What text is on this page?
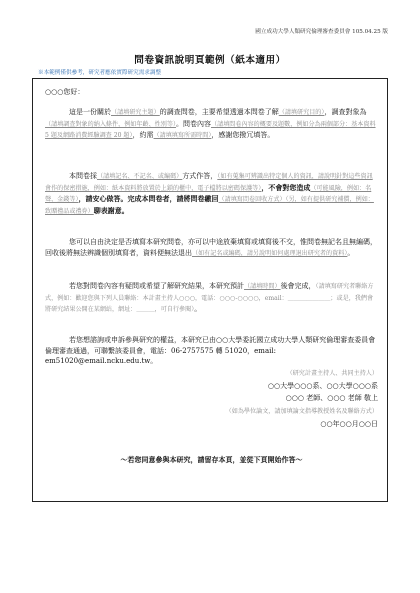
國立成功大學人類研究倫理審查委員會 105.04.25 版
問卷資訊說明頁範例（紙本適用）
※本範例僅供參考，研究者應依實際研究需求調整
○○○您好：
這是一份關於（請填研究主題）的調查問卷，主要希望透過本問卷了解（請填研究目的），調查對象為（請填調查對象的納入條件，例如年齡、性別等）。問卷內容（請填問卷內容的概要及題數，例如分為兩個部分：基本資料 5 題及網路消費經驗調查 20 題），約需（請填填寫所需時間），感謝您撥冗填答。
本問卷採（請填記名、不記名、或編碼）方式作答，（如有蒐集可辨識出特定個人的資訊，請說明針對這些資訊會作的保密措施，例如：紙本資料將放置於上鎖的櫃中，電子檔將以密碼保護等），不會對您造成（可能風險，例如：名聲、金錢等），請安心做答。完成本問卷者，請將問卷繳回（請填寫問卷回收方式）（另，如有提供研究補償，例如：致贈禮品或禮券）聊表謝意。
您可以自由決定是否填寫本研究問卷，亦可以中途放棄填寫或填寫後不交，惟問卷無記名且無編碼，回收後將無法辨識個別填寫者，資料便無法退出（如有記名或編碼，請另說明如何處理退出研究者的資料）。
若您對問卷內容有疑問或希望了解研究結果，本研究預計（請填時間）後會完成，（請填寫研究者聯絡方式，例如：歡迎您與下列人員聯絡：本計畫主持人○○○，電話：○○○-○○○○，email：＿＿＿＿＿＿＿；或是，我們會將研究結果公開在某網站，網址：＿＿＿，可自行參閱）。
若您想諮詢或申訴參與研究的權益，本研究已由○○大學委託國立成功大學人類研究倫理審查委員會倫理審查通過，可聯繫該委員會，電話：06-2757575 轉 51020，email: em51020@email.ncku.edu.tw。
（研究計畫主持人、共同主持人）
○○大學○○○系、○○大學○○○系
○○○ 老師、○○○ 老師 敬上
（如為學位論文，請加填論文指導教授姓名及聯絡方式）
○○年○○月○○日
～若您同意參與本研究，請留存本頁，並從下頁開始作答～
